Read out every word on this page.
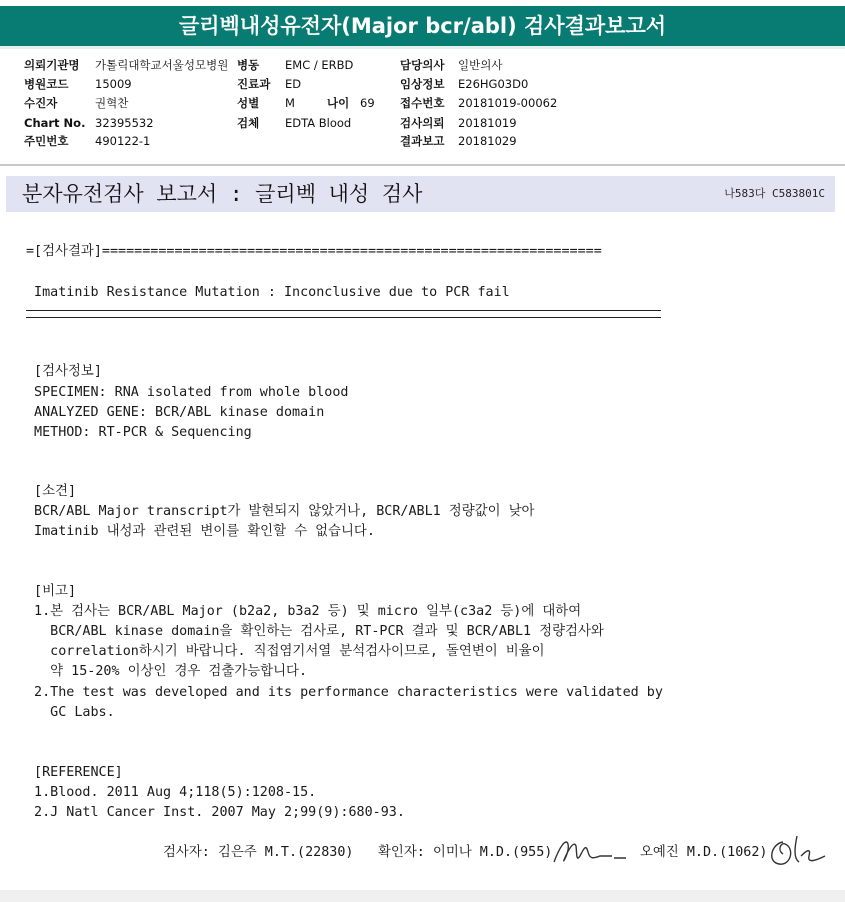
글리벡내성유전자(Major bcr/abl) 검사결과보고서
의뢰기관명 가톨릭대학교서울성모병원 병동 EMC / ERBD	담당의사 일반의사
병원코드 15009	진료과 ED	임상정보 E26HG03D0
수진자	권혁찬	성별 M	나이 69 접수번호 20181019-00062
Chart No. 32395532	검체 EDTA Blood	검사의뢰 20181019
주민번호 490122-1	결과보고 20181029
분자유전검사 보고서 : 글리벡 내성 검사	나583다 C583801C
=[검사결과]==============================================================
Imatinib Resistance Mutation : Inconclusive due to PCR fail
[검사정보]
SPECIMEN: RNA isolated from whole blood
ANALYZED GENE: BCR/ABL kinase domain
METHOD: RT-PCR & Sequencing
[소견]
BCR/ABL Major transcript가 발현되지 않았거나, BCR/ABL1 정량값이 낮아
Imatinib 내성과 관련된 변이를 확인할 수 없습니다.
[비고]
1.본 검사는 BCR/ABL Major (b2a2, b3a2 등) 및 micro 일부(c3a2 등)에 대하여
BCR/ABL kinase domain을 확인하는 검사로, RT-PCR 결과 및 BCR/ABL1 정량검사와
correlation하시기 바랍니다. 직접염기서열 분석검사이므로, 돌연변이 비율이
약 15-20% 이상인 경우 검출가능합니다.
2.The test was developed and its performance characteristics were validated by
GC Labs.
[REFERENCE]
1.Blood. 2011 Aug 4;118(5):1208-15.
2.J Natl Cancer Inst. 2007 May 2;99(9):680-93.
검사자: 김은주 M.T.(22830) 확인자: 이미나 M.D.(955)	오예진 M.D.(1062)
